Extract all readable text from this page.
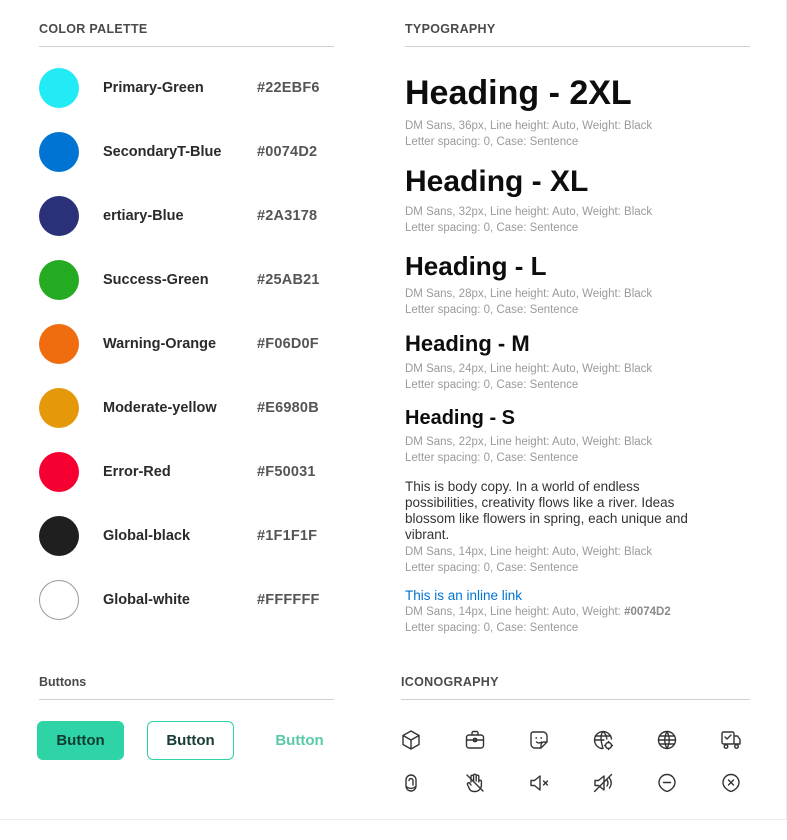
COLOR PALETTE
Primary-Green	#22EBF6
SecondaryT-Blue #0074D2
ertiary-Blue	#2A3178
Success-Green	#25AB21
Warning-Orange	#F06D0F
Moderate-yellow	#E6980B
Error-Red	#F50031
Global-black	#1F1F1F
Global-white	#FFFFFF
TYPOGRAPHY
Heading - 2XL
DM Sans, 36px, Line height: Auto, Weight: Black
Letter spacing: 0, Case: Sentence
Heading - XL
DM Sans, 32px, Line height: Auto, Weight: Black
Letter spacing: 0, Case: Sentence
Heading - L
DM Sans, 28px, Line height: Auto, Weight: Black
Letter spacing: 0, Case: Sentence
Heading - M
DM Sans, 24px, Line height: Auto, Weight: Black
Letter spacing: 0, Case: Sentence
Heading - S
DM Sans, 22px, Line height: Auto, Weight: Black
Letter spacing: 0, Case: Sentence
This is body copy. In a world of endless possibilities, creativity flows like a river. Ideas blossom like flowers in spring, each unique and vibrant.
DM Sans, 14px, Line height: Auto, Weight: Black
Letter spacing: 0, Case: Sentence
This is an inline link
DM Sans, 14px, Line height: Auto, Weight: #0074D2
Letter spacing: 0, Case: Sentence
Buttons
Button	Button	Button
ICONOGRAPHY
